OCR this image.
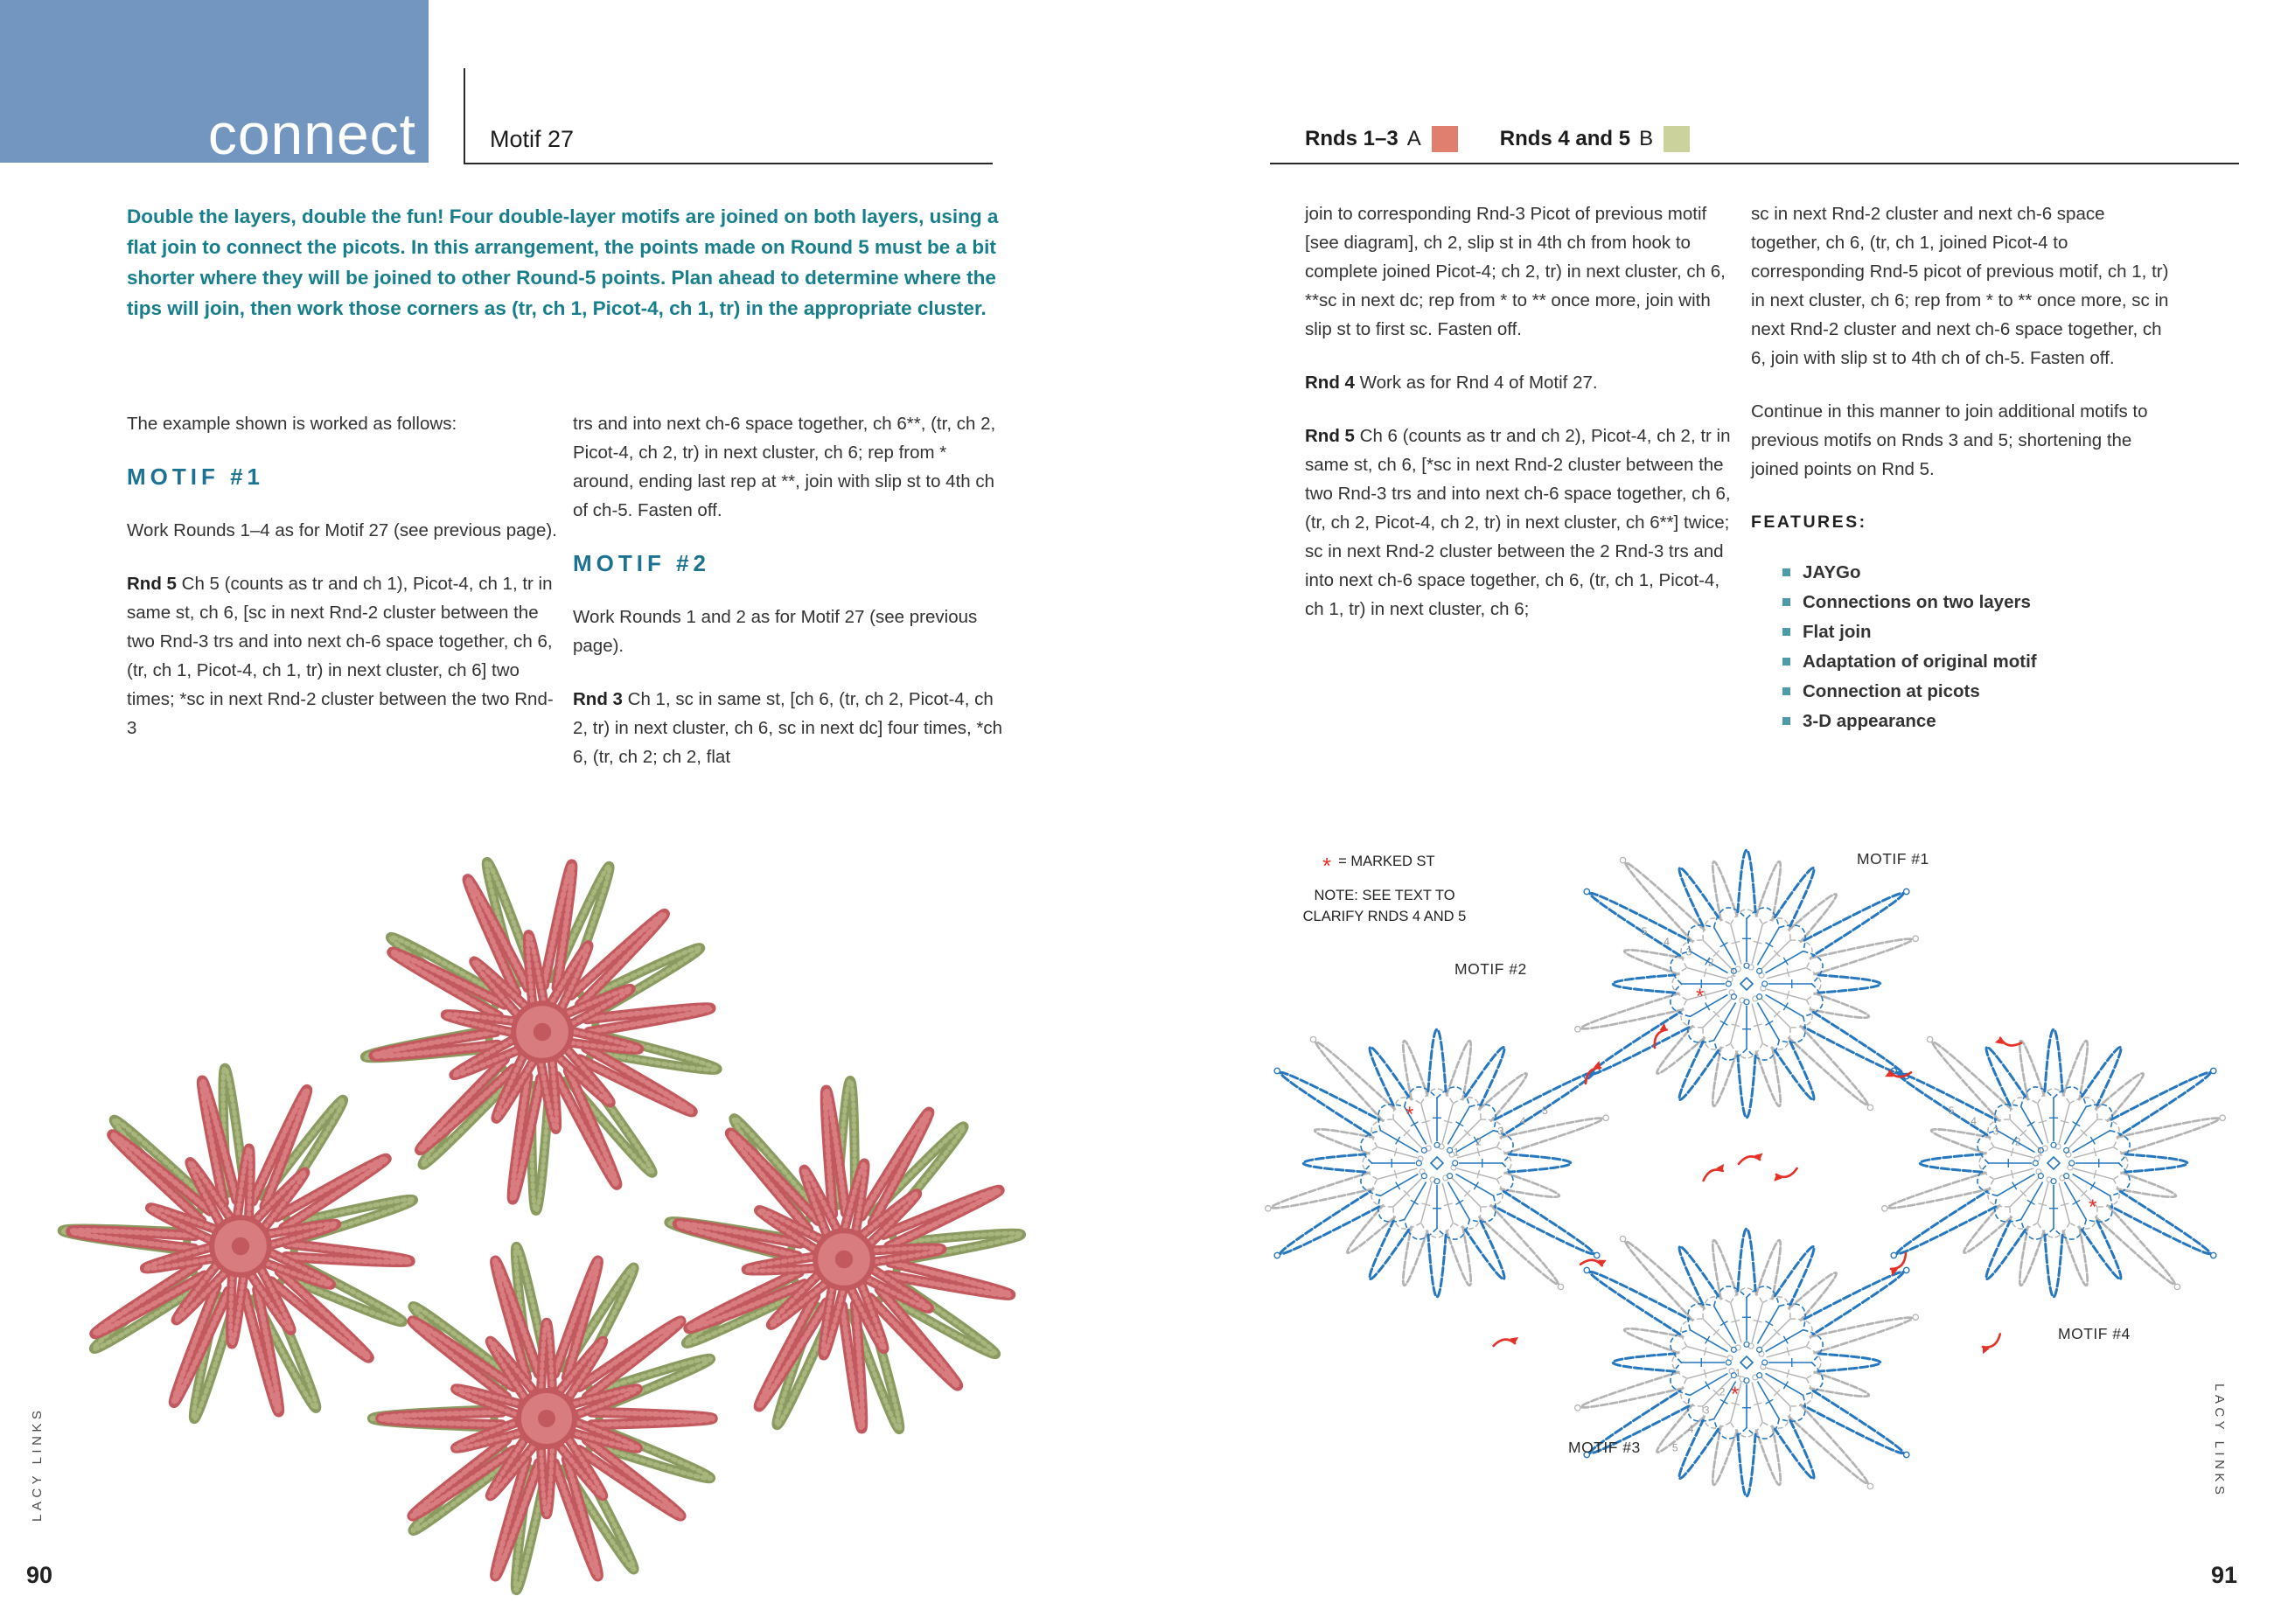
connect	Motif 27	Rnds 1–3 A	Rnds 4 and 5 B
Double the layers, double the fun! Four double-layer motifs are joined on both layers, using a flat join to connect the picots. In this arrangement, the points made on Round 5 must be a bit shorter where they will be joined to other Round-5 points. Plan ahead to determine where the tips will join, then work those corners as (tr, ch 1, Picot-4, ch 1, tr) in the appropriate cluster.

The example shown is worked as follows:

MOTIF #1

Work Rounds 1–4 as for Motif 27 (see previous page).

Rnd 5 Ch 5 (counts as tr and ch 1), Picot-4, ch 1, tr in same st, ch 6, [sc in next Rnd-2 cluster between the two Rnd-3 trs and into next ch-6 space together, ch 6, (tr, ch 1, Picot-4, ch 1, tr) in next cluster, ch 6] two times; *sc in next Rnd-2 cluster between the two Rnd-3

trs and into next ch-6 space together, ch 6**, (tr, ch 2, Picot-4, ch 2, tr) in next cluster, ch 6; rep from * around, ending last rep at **, join with slip st to 4th ch of ch-5. Fasten off.

MOTIF #2

Work Rounds 1 and 2 as for Motif 27 (see previous page).

Rnd 3 Ch 1, sc in same st, [ch 6, (tr, ch 2, Picot-4, ch 2, tr) in next cluster, ch 6, sc in next dc] four times, *ch 6, (tr, ch 2; ch 2, flat

join to corresponding Rnd-3 Picot of previous motif [see diagram], ch 2, slip st in 4th ch from hook to complete joined Picot-4; ch 2, tr) in next cluster, ch 6, **sc in next dc; rep from * to ** once more, join with slip st to first sc. Fasten off.

Rnd 4 Work as for Rnd 4 of Motif 27.

Rnd 5 Ch 6 (counts as tr and ch 2), Picot-4, ch 2, tr in same st, ch 6, [*sc in next Rnd-2 cluster between the two Rnd-3 trs and into next ch-6 space together, ch 6, (tr, ch 2, Picot-4, ch 2, tr) in next cluster, ch 6**] twice; sc in next Rnd-2 cluster between the 2 Rnd-3 trs and into next ch-6 space together, ch 6, (tr, ch 1, Picot-4, ch 1, tr) in next cluster, ch 6;

sc in next Rnd-2 cluster and next ch-6 space together, ch 6, (tr, ch 1, joined Picot-4 to corresponding Rnd-5 picot of previous motif, ch 1, tr) in next cluster, ch 6; rep from * to ** once more, sc in next Rnd-2 cluster and next ch-6 space together, ch 6, join with slip st to 4th ch of ch-5. Fasten off.

Continue in this manner to join additional motifs to previous motifs on Rnds 3 and 5; shortening the joined points on Rnd 5.

FEATURES:

JAYGo
Connections on two layers
Flat join
Adaptation of original motif
Connection at picots
3-D appearance
1
2
3
4
5
*
1
2
3
4
5
*
1
2
3
4
5
*
1
2
3
4
5
*
* = MARKED ST
NOTE: SEE TEXT TO
CLARIFY RNDS 4 AND 5
MOTIF #1
MOTIF #2
MOTIF #3
MOTIF #4
90	91
LACY LINKS	LACY LINKS
